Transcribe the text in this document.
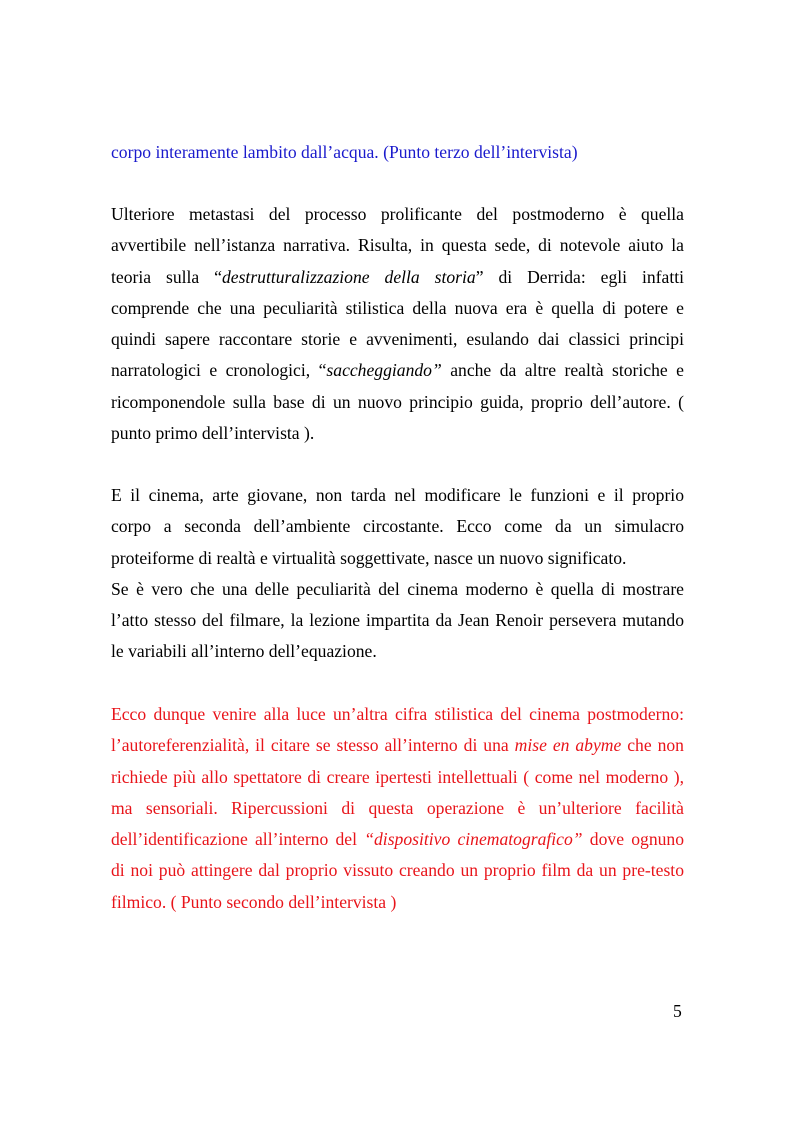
corpo interamente lambito dall’acqua. (Punto terzo dell’intervista)

Ulteriore metastasi del processo prolificante del postmoderno è quella
avvertibile nell’istanza narrativa. Risulta, in questa sede, di notevole aiuto la
teoria sulla “destrutturalizzazione della storia” di Derrida: egli infatti
comprende che una peculiarità stilistica della nuova era è quella di potere e
quindi sapere raccontare storie e avvenimenti, esulando dai classici principi
narratologici e cronologici, “saccheggiando” anche da altre realtà storiche e
ricomponendole sulla base di un nuovo principio guida, proprio dell’autore. (
punto primo dell’intervista ).

E il cinema, arte giovane, non tarda nel modificare le funzioni e il proprio
corpo a seconda dell’ambiente circostante. Ecco come da un simulacro
proteiforme di realtà e virtualità soggettivate, nasce un nuovo significato.
Se è vero che una delle peculiarità del cinema moderno è quella di mostrare
l’atto stesso del filmare, la lezione impartita da Jean Renoir persevera mutando
le variabili all’interno dell’equazione.

Ecco dunque venire alla luce un’altra cifra stilistica del cinema postmoderno:
l’autoreferenzialità, il citare se stesso all’interno di una mise en abyme che non
richiede più allo spettatore di creare ipertesti intellettuali ( come nel moderno ),
ma sensoriali. Ripercussioni di questa operazione è un’ulteriore facilità
dell’identificazione all’interno del “dispositivo cinematografico” dove ognuno
di noi può attingere dal proprio vissuto creando un proprio film da un pre-testo
filmico. ( Punto secondo dell’intervista )

5
